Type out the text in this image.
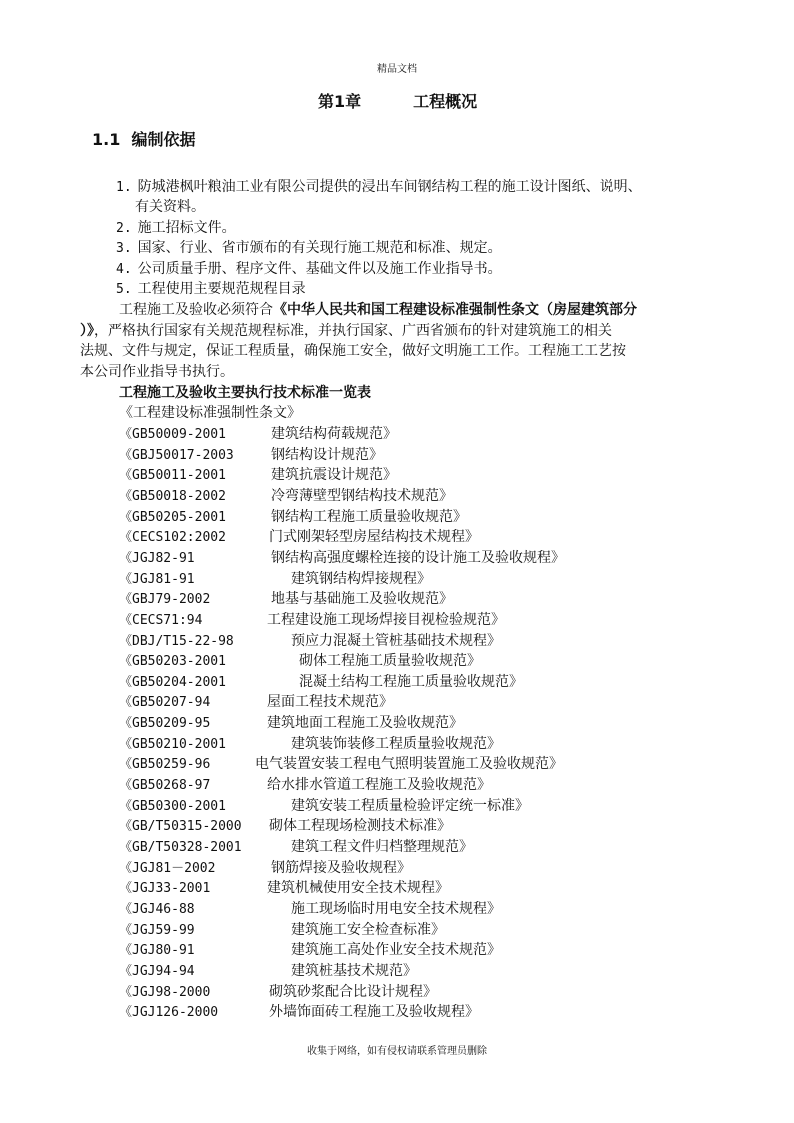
精品文档
第1章	工程概况
1.1 编制依据
1. 防城港枫叶粮油工业有限公司提供的浸出车间钢结构工程的施工设计图纸、说明、
有关资料。
2. 施工招标文件。
3. 国家、行业、省市颁布的有关现行施工规范和标准、规定。
4. 公司质量手册、程序文件、基础文件以及施工作业指导书。
5. 工程使用主要规范规程目录
工程施工及验收必须符合《中华人民共和国工程建设标准强制性条文（房屋建筑部分
）》，严格执行国家有关规范规程标准，并执行国家、广西省颁布的针对建筑施工的相关
法规、文件与规定，保证工程质量，确保施工安全，做好文明施工工作。工程施工工艺按
本公司作业指导书执行。
工程施工及验收主要执行技术标准一览表
《工程建设标准强制性条文》
《GB50009-2001	建筑结构荷载规范》
《GBJ50017-2003	钢结构设计规范》
《GB50011-2001	建筑抗震设计规范》
《GB50018-2002	冷弯薄壁型钢结构技术规范》
《GB50205-2001	钢结构工程施工质量验收规范》
《CECS102:2002	门式刚架轻型房屋结构技术规程》
《JGJ82-91	钢结构高强度螺栓连接的设计施工及验收规程》
《JGJ81-91	建筑钢结构焊接规程》
《GBJ79-2002	地基与基础施工及验收规范》
《CECS71:94	工程建设施工现场焊接目视检验规范》
《DBJ/T15-22-98	预应力混凝土管桩基础技术规程》
《GB50203-2001	砌体工程施工质量验收规范》
《GB50204-2001	混凝土结构工程施工质量验收规范》
《GB50207-94	屋面工程技术规范》
《GB50209-95	建筑地面工程施工及验收规范》
《GB50210-2001	建筑装饰装修工程质量验收规范》
《GB50259-96	电气装置安装工程电气照明装置施工及验收规范》
《GB50268-97	给水排水管道工程施工及验收规范》
《GB50300-2001	建筑安装工程质量检验评定统一标准》
《GB/T50315-2000 砌体工程现场检测技术标准》
《GB/T50328-2001	建筑工程文件归档整理规范》
《JGJ81－2002	钢筋焊接及验收规程》
《JGJ33-2001	建筑机械使用安全技术规程》
《JGJ46-88	施工现场临时用电安全技术规程》
《JGJ59-99	建筑施工安全检查标准》
《JGJ80-91	建筑施工高处作业安全技术规范》
《JGJ94-94	建筑桩基技术规范》
《JGJ98-2000	砌筑砂浆配合比设计规程》
《JGJ126-2000	外墙饰面砖工程施工及验收规程》
收集于网络，如有侵权请联系管理员删除
